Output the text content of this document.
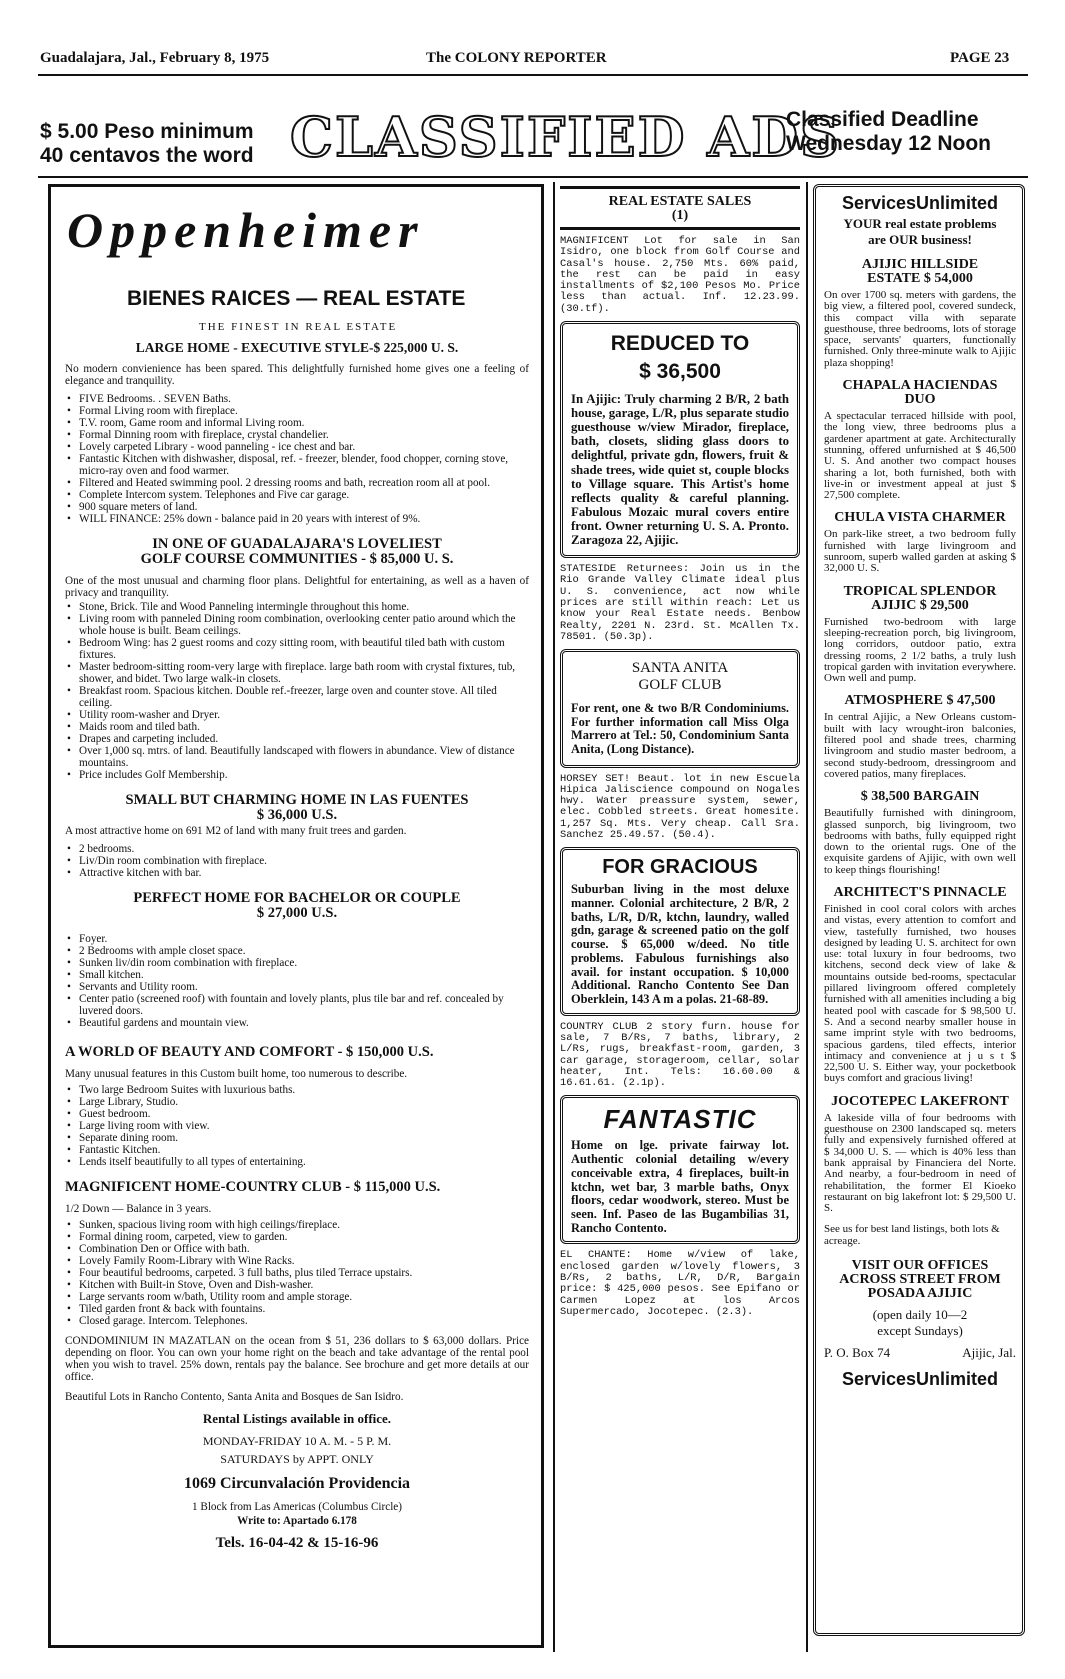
Guadalajara, Jal., February 8, 1975	The COLONY REPORTER	PAGE 23
$ 5.00 Peso minimum
40 centavos the word CLASSIFIED ADS
Classified Deadline
Wednesday 12 Noon
Oppenheimer
BIENES RAICES — REAL ESTATE
THE FINEST IN REAL ESTATE
LARGE HOME - EXECUTIVE STYLE-$ 225,000 U. S.

No modern convienience has been spared. This delightfully furnished home gives one a feeling of elegance and tranquility.

• FIVE Bedrooms. . SEVEN Baths.
• Formal Living room with fireplace.
• T.V. room, Game room and informal Living room.
• Formal Dinning room with fireplace, crystal chandelier.
• Lovely carpeted Library - wood panneling - ice chest and bar.
• Fantastic Kitchen with dishwasher, disposal, ref. - freezer, blender, food chopper, corning stove, micro-ray oven and food warmer.
• Filtered and Heated swimming pool. 2 dressing rooms and bath, recreation room all at pool.
• Complete Intercom system. Telephones and Five car garage.
• 900 square meters of land.
• WILL FINANCE: 25% down - balance paid in 20 years with interest of 9%.
IN ONE OF GUADALAJARA'S LOVELIEST
GOLF COURSE COMMUNITIES - $ 85,000 U. S.

One of the most unusual and charming floor plans. Delightful for entertaining, as well as a haven of privacy and tranquility.

• Stone, Brick. Tile and Wood Panneling intermingle throughout this home.
• Living room with panneled Dining room combination, overlooking center patio around which the whole house is built. Beam ceilings.
• Bedroom Wing: has 2 guest rooms and cozy sitting room, with beautiful tiled bath with custom fixtures.
• Master bedroom-sitting room-very large with fireplace. large bath room with crystal fixtures, tub, shower, and bidet. Two large walk-in closets.
• Breakfast room. Spacious kitchen. Double ref.-freezer, large oven and counter stove. All tiled ceiling.
• Utility room-washer and Dryer.
• Maids room and tiled bath.
• Drapes and carpeting included.
• Over 1,000 sq. mtrs. of land. Beautifully landscaped with flowers in abundance. View of distance mountains.
• Price includes Golf Membership.
SMALL BUT CHARMING HOME IN LAS FUENTES
$ 36,000 U.S.

A most attractive home on 691 M2 of land with many fruit trees and garden.

• 2 bedrooms.
• Liv/Din room combination with fireplace.
• Attractive kitchen with bar.
PERFECT HOME FOR BACHELOR OR COUPLE
$ 27,000 U.S.
• Foyer.
• 2 Bedrooms with ample closet space.
• Sunken liv/din room combination with fireplace.
• Small kitchen.
• Servants and Utility room.
• Center patio (screened roof) with fountain and lovely plants, plus tile bar and ref. concealed by luvered doors.
• Beautiful gardens and mountain view.
A WORLD OF BEAUTY AND COMFORT - $ 150,000 U.S.

Many unusual features in this Custom built home, too numerous to describe.

• Two large Bedroom Suites with luxurious baths.
• Large Library, Studio.
• Guest bedroom.
• Large living room with view.
• Separate dining room.
• Fantastic Kitchen.
• Lends itself beautifully to all types of entertaining.
MAGNIFICENT HOME-COUNTRY CLUB - $ 115,000 U.S.

1/2 Down — Balance in 3 years.

• Sunken, spacious living room with high ceilings/fireplace.
• Formal dining room, carpeted, view to garden.
• Combination Den or Office with bath.
• Lovely Family Room-Library with Wine Racks.
• Four beautiful bedrooms, carpeted. 3 full baths, plus tiled Terrace upstairs.
• Kitchen with Built-in Stove, Oven and Dish-washer.
• Large servants room w/bath, Utility room and ample storage.
• Tiled garden front & back with fountains.
• Closed garage. Intercom. Telephones.

CONDOMINIUM IN MAZATLAN on the ocean from $ 51, 236 dollars to $ 63,000 dollars. Price depending on floor. You can own your home right on the beach and take advantage of the rental pool when you wish to travel. 25% down, rentals pay the balance. See brochure and get more details at our office.

Beautiful Lots in Rancho Contento, Santa Anita and Bosques de San Isidro.

Rental Listings available in office.
MONDAY-FRIDAY 10 A. M. - 5 P. M.
SATURDAYS by APPT. ONLY
1069 Circunvalación Providencia
1 Block from Las Americas (Columbus Circle)
Write to: Apartado 6.178
Tels. 16-04-42 & 15-16-96
REAL ESTATE SALES
(1)

MAGNIFICENT Lot for sale in San Isidro, one block from Golf Course and Casal's house. 2,750 Mts. 60% paid, the rest can be paid in easy installments of $2,100 Pesos Mo. Price less than actual. Inf. 12.23.99. (30.tf).

REDUCED TO
$ 36,500

In Ajijic: Truly charming 2 B/R, 2 bath house, garage, L/R, plus separate studio guesthouse w/view Mirador, fireplace, bath, closets, sliding glass doors to delightful, private gdn, flowers, fruit & shade trees, wide quiet st, couple blocks to Village square. This Artist's home reflects quality & careful planning. Fabulous Mozaic mural covers entire front. Owner returning U. S. A. Pronto. Zaragoza 22, Ajijic.

STATESIDE Returnees: Join us in the Rio Grande Valley Climate ideal plus U. S. convenience, act now while prices are still within reach: Let us know your Real Estate needs. Benbow Realty, 2201 N. 23rd. St. McAllen Tx. 78501. (50.3p).

SANTA ANITA
GOLF CLUB

For rent, one & two B/R Condominiums. For further information call Miss Olga Marrero at Tel.: 50, Condominium Santa Anita, (Long Distance).

HORSEY SET! Beaut. lot in new Escuela Hipica Jaliscience compound on Nogales hwy. Water preassure system, sewer, elec. Cobbled streets. Great homesite. 1,257 Sq. Mts. Very cheap. Call Sra. Sanchez 25.49.57. (50.4).

FOR GRACIOUS

Suburban living in the most deluxe manner. Colonial architecture, 2 B/R, 2 baths, L/R, D/R, ktchn, laundry, walled gdn, garage & screened patio on the golf course. $ 65,000 w/deed. No title problems. Fabulous furnishings also avail. for instant occupation. $ 10,000 Additional. Rancho Contento See Dan Oberklein, 143 A m a polas. 21-68-89.

COUNTRY CLUB 2 story furn. house for sale, 7 B/Rs, 7 baths, library, 2 L/Rs, rugs, breakfast-room, garden, 3 car garage, storageroom, cellar, solar heater, Int. Tels: 16.60.00 & 16.61.61. (2.1p).

FANTASTIC

Home on lge. private fairway lot. Authentic colonial detailing w/every conceivable extra, 4 fireplaces, built-in ktchn, wet bar, 3 marble baths, Onyx floors, cedar woodwork, stereo. Must be seen. Inf. Paseo de las Bugambilias 31, Rancho Contento.

EL CHANTE: Home w/view of lake, enclosed garden w/lovely flowers, 3 B/Rs, 2 baths, L/R, D/R, Bargain price: $ 425,000 pesos. See Epifano or Carmen Lopez at los Arcos Supermercado, Jocotepec. (2.3).

ServicesUnlimited
YOUR real estate problems
are OUR business!
AJIJIC HILLSIDE
ESTATE $ 54,000

On over 1700 sq. meters with gardens, the big view, a filtered pool, covered sundeck, this compact villa with separate guesthouse, three bedrooms, lots of storage space, servants' quarters, functionally furnished. Only three-minute walk to Ajijic plaza shopping!

CHAPALA HACIENDAS
DUO

A spectacular terraced hillside with pool, the long view, three bedrooms plus a gardener apartment at gate. Architecturally stunning, offered unfurnished at $ 46,500 U. S. And another two compact houses sharing a lot, both furnished, both with live-in or investment appeal at just $ 27,500 complete.

CHULA VISTA CHARMER

On park-like street, a two bedroom fully furnished with large livingroom and sunroom, superb walled garden at asking $ 32,000 U. S.

TROPICAL SPLENDOR
AJIJIC $ 29,500

Furnished two-bedroom with large sleeping-recreation porch, big livingroom, long corridors, outdoor patio, extra dressing rooms, 2 1/2 baths, a truly lush tropical garden with invitation everywhere. Own well and pump.

ATMOSPHERE $ 47,500

In central Ajijic, a New Orleans custom-built with lacy wrought-iron balconies, filtered pool and shade trees, charming livingroom and studio master bedroom, a second study-bedroom, dressingroom and covered patios, many fireplaces.

$ 38,500 BARGAIN

Beautifully furnished with diningroom, glassed sunporch, big livingroom, two bedrooms with baths, fully equipped right down to the oriental rugs. One of the exquisite gardens of Ajijic, with own well to keep things flourishing!

ARCHITECT'S PINNACLE

Finished in cool coral colors with arches and vistas, every attention to comfort and view, tastefully furnished, two houses designed by leading U. S. architect for own use: total luxury in four bedrooms, two kitchens, second deck view of lake & mountains outside bed-rooms, spectacular pillared livingroom offered completely furnished with all amenities including a big heated pool with cascade for $ 98,500 U. S. And a second nearby smaller house in same imprint style with two bedrooms, spacious gardens, tiled effects, interior intimacy and convenience at j u s t $ 22,500 U. S. Either way, your pocketbook buys comfort and gracious living!

JOCOTEPEC LAKEFRONT

A lakeside villa of four bedrooms with guesthouse on 2300 landscaped sq. meters fully and expensively furnished offered at $ 34,000 U. S. — which is 40% less than bank appraisal by Financiera del Norte. And nearby, a four-bedroom in need of rehabilitation, the former El Kioeko restaurant on big lakefront lot: $ 29,500 U. S.

See us for best land listings, both lots & acreage.

VISIT OUR OFFICES
ACROSS STREET FROM
POSADA AJIJIC
(open daily 10—2
except Sundays)
P. O. Box 74	Ajijic, Jal.
ServicesUnlimited
